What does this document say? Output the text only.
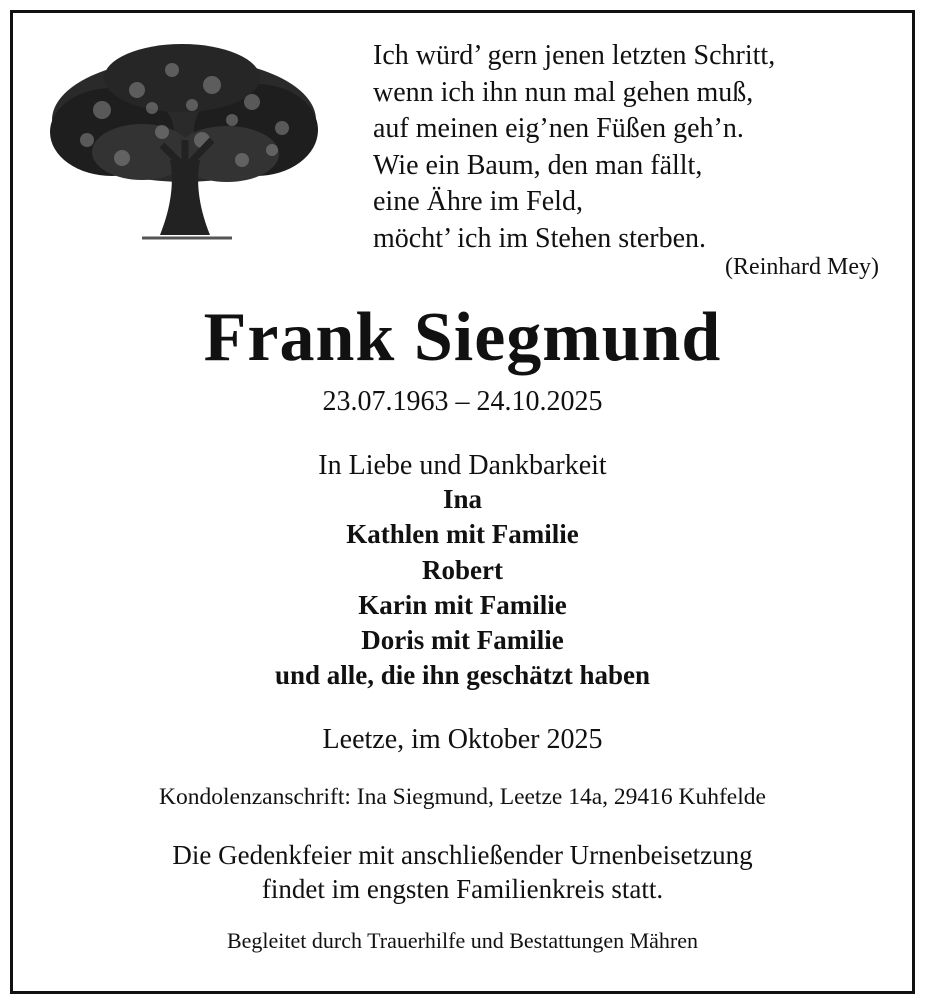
Ich würd’ gern jenen letzten Schritt,
wenn ich ihn nun mal gehen muß,
auf meinen eig’nen Füßen geh’n.
Wie ein Baum, den man fällt,
eine Ähre im Feld,
möcht’ ich im Stehen sterben.
(Reinhard Mey)
Frank Siegmund
23.07.1963 – 24.10.2025
In Liebe und Dankbarkeit
Ina
Kathlen mit Familie
Robert
Karin mit Familie
Doris mit Familie
und alle, die ihn geschätzt haben
Leetze, im Oktober 2025
Kondolenzanschrift: Ina Siegmund, Leetze 14a, 29416 Kuhfelde
Die Gedenkfeier mit anschließender Urnenbeisetzung
findet im engsten Familienkreis statt.
Begleitet durch Trauerhilfe und Bestattungen Mähren
